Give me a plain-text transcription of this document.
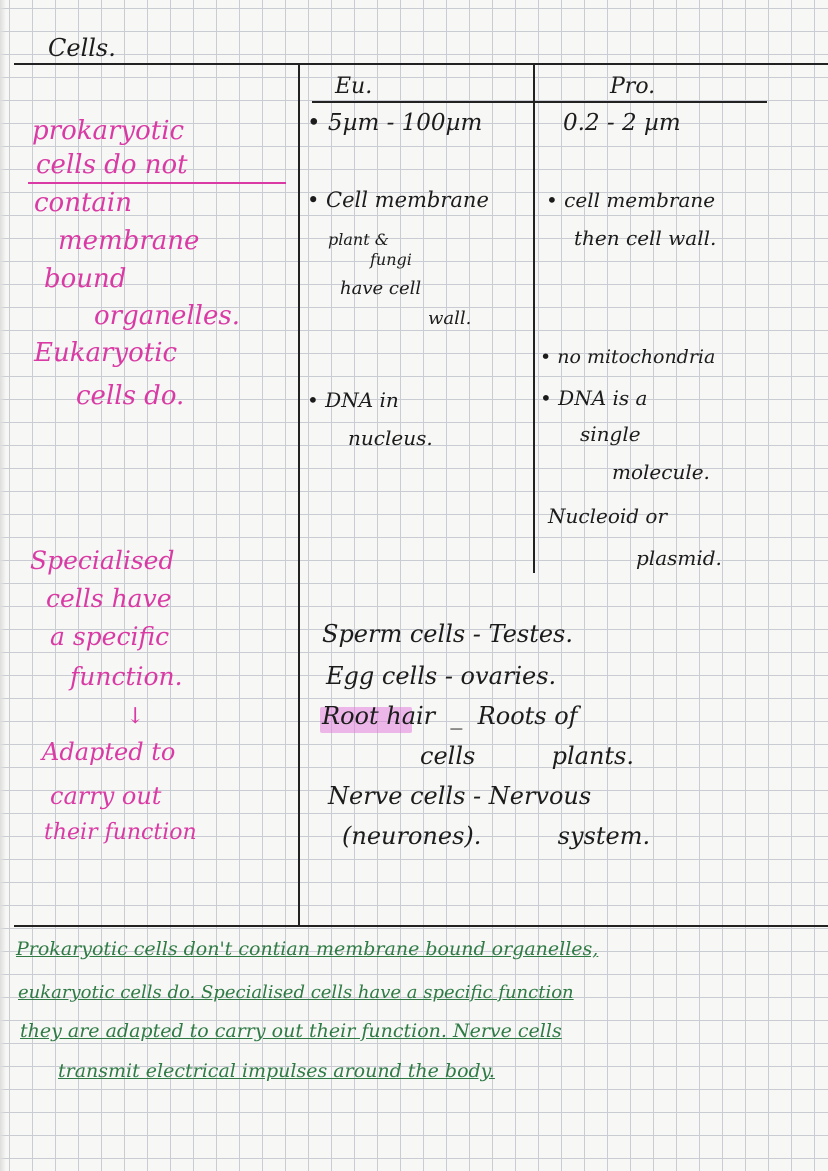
Cells.
Eu.	Pro.
prokaryotic
cells do not
contain
membrane
bound
organelles.
Eukaryotic
cells do.
• 5µm - 100µm
• Cell membrane
plant &
fungi
have cell
wall.
• DNA in
nucleus.
0.2 - 2 µm
• cell membrane
then cell wall.
• no mitochondria
• DNA is a
single
molecule.
Nucleoid or
plasmid.
Specialised
cells have
a specific
function.
↓
Adapted to
carry out
their function
Sperm cells - Testes.
Egg cells - ovaries.
Root hair  _  Roots of
cells          plants.
Nerve cells - Nervous
(neurones).          system.
Prokaryotic cells don't contian membrane bound organelles,
eukaryotic cells do. Specialised cells have a specific function
they are adapted to carry out their function. Nerve cells
transmit electrical impulses around the body.
